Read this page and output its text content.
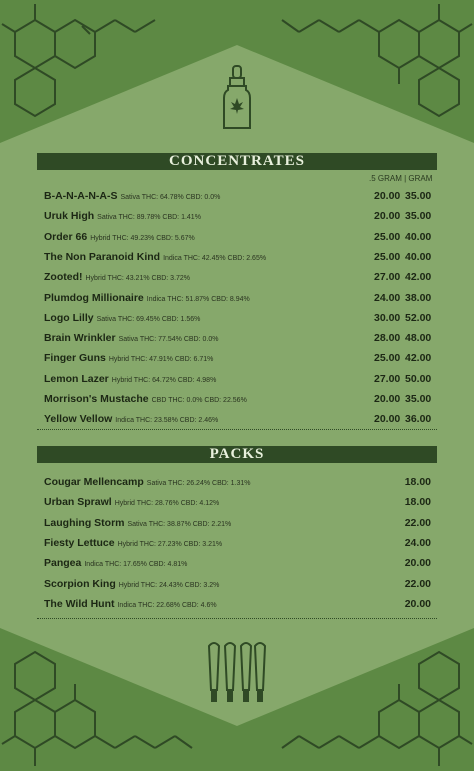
CONCENTRATES
.5 GRAM | GRAM
B-A-N-A-N-A-S Sativa THC: 64.78% CBD: 0.0%	20.00 35.00
Uruk High Sativa THC: 89.78% CBD: 1.41%	20.00 35.00
Order 66 Hybrid THC: 49.23% CBD: 5.67%	25.00 40.00
The Non Paranoid Kind Indica THC: 42.45% CBD: 2.65%	25.00 40.00
Zooted! Hybrid THC: 43.21% CBD: 3.72%	27.00 42.00
Plumdog Millionaire Indica THC: 51.87% CBD: 8.94%	24.00 38.00
Logo Lilly Sativa THC: 69.45% CBD: 1.56%	30.00 52.00
Brain Wrinkler Sativa THC: 77.54% CBD: 0.0%	28.00 48.00
Finger Guns Hybrid THC: 47.91% CBD: 6.71%	25.00 42.00
Lemon Lazer Hybrid THC: 64.72% CBD: 4.98%	27.00 50.00
Morrison's Mustache CBD THC: 0.0% CBD: 22.56%	20.00 35.00
Yellow Vellow Indica THC: 23.58% CBD: 2.46%	20.00 36.00
PACKS
Cougar Mellencamp Sativa THC: 26.24% CBD: 1.31%	18.00
Urban Sprawl Hybrid THC: 28.76% CBD: 4.12%	18.00
Laughing Storm Sativa THC: 38.87% CBD: 2.21%	22.00
Fiesty Lettuce Hybrid THC: 27.23% CBD: 3.21%	24.00
Pangea Indica THC: 17.65% CBD: 4.81%	20.00
Scorpion King Hybrid THC: 24.43% CBD: 3.2%	22.00
The Wild Hunt Indica THC: 22.68% CBD: 4.6%	20.00
